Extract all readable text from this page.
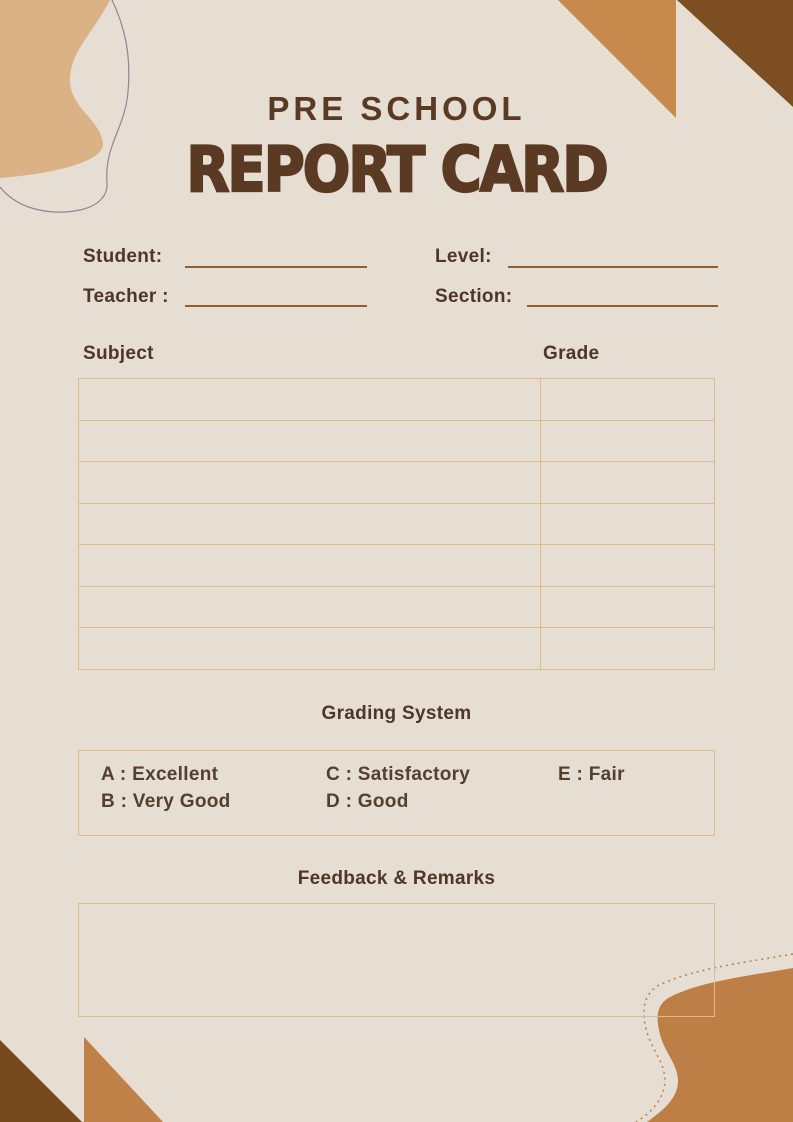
PRE SCHOOL
REPORT CARD
Student:	Level:
Teacher :	Section:
Subject	Grade
Grading System
A : Excellent
B : Very Good
C : Satisfactory
D : Good
E : Fair
Feedback & Remarks
